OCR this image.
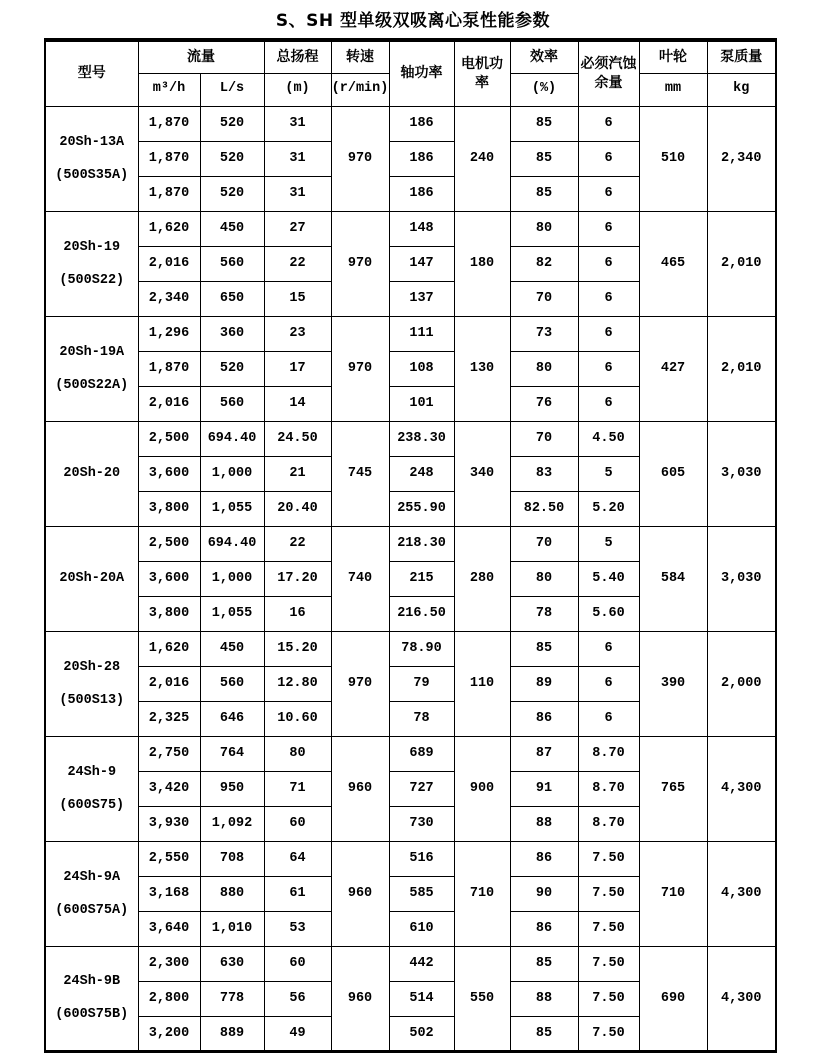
S、SH 型单级双吸离心泵性能参数
型号	流量		总扬程	转速	轴功率	电机功率	效率	必须汽蚀余量	叶轮	泵质量
	m³/h	L/s	(m)	(r/min)			(%)		mm	kg

20Sh-13A
(500S35A)	1,870	520	31	970	186	240	85	6	510	2,340
	1,870	520	31		186		85	6		
	1,870	520	31		186		85	6		

20Sh-19
(500S22)	1,620	450	27	970	148	180	80	6	465	2,010
	2,016	560	22		147		82	6		
	2,340	650	15		137		70	6		

20Sh-19A
(500S22A)	1,296	360	23	970	111	130	73	6	427	2,010
	1,870	520	17		108		80	6		
	2,016	560	14		101		76	6		

20Sh-20	2,500	694.40	24.50	745	238.30	340	70	4.50	605	3,030
	3,600	1,000	21		248		83	5		
	3,800	1,055	20.40		255.90		82.50	5.20		

20Sh-20A	2,500	694.40	22	740	218.30	280	70	5	584	3,030
	3,600	1,000	17.20		215		80	5.40		
	3,800	1,055	16		216.50		78	5.60		

20Sh-28
(500S13)	1,620	450	15.20	970	78.90	110	85	6	390	2,000
	2,016	560	12.80		79		89	6		
	2,325	646	10.60		78		86	6		

24Sh-9
(600S75)	2,750	764	80	960	689	900	87	8.70	765	4,300
	3,420	950	71		727		91	8.70		
	3,930	1,092	60		730		88	8.70		

24Sh-9A
(600S75A)	2,550	708	64	960	516	710	86	7.50	710	4,300
	3,168	880	61		585		90	7.50		
	3,640	1,010	53		610		86	7.50		

24Sh-9B
(600S75B)	2,300	630	60	960	442	550	85	7.50	690	4,300
	2,800	778	56		514		88	7.50		
	3,200	889	49		502		85	7.50		
